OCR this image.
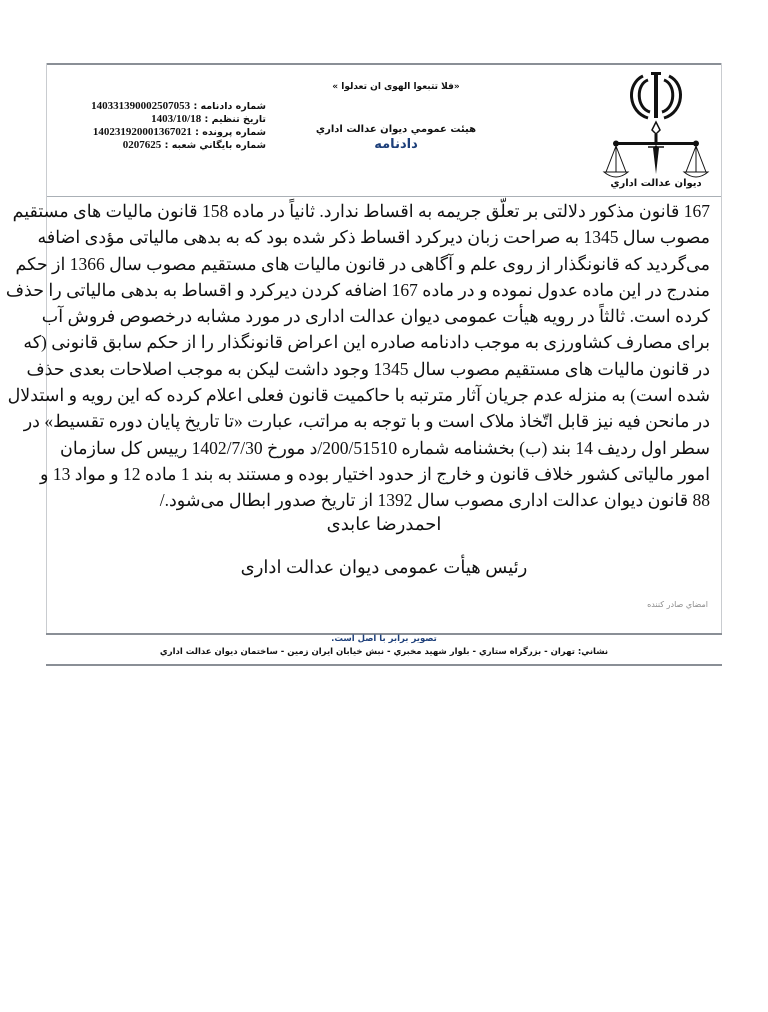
ديوان عدالت اداري
«فلا تتبعوا الهوی ان تعدلوا »
هیئت عمومي ديوان عدالت اداري
دادنامه
شماره دادنامه : 140331390002507053
تاريخ تنظيم : 1403/10/18
شماره پرونده : 140231920001367021
شماره بايگاني شعبه : 0207625
167 قانون مذکور دلالتی بر تعلّق جریمه به اقساط ندارد. ثانیاً در ماده 158 قانون مالیات های مستقیم
مصوب سال 1345 به صراحت زبان دیرکرد اقساط ذکر شده بود که به بدهی مالیاتی مؤدی اضافه
می‌گردید که قانونگذار از روی علم و آگاهی در قانون مالیات های مستقیم مصوب سال 1366 از حکم
مندرج در این ماده عدول نموده و در ماده 167 اضافه کردن دیرکرد و اقساط به بدهی مالیاتی را حذف
کرده است. ثالثاً در رویه هیأت عمومی دیوان عدالت اداری در مورد مشابه درخصوص فروش آب
برای مصارف کشاورزی به موجب دادنامه صادره این اعراض قانونگذار را از حکم سابق قانونی (که
در قانون مالیات های مستقیم مصوب سال 1345 وجود داشت لیکن به موجب اصلاحات بعدی حذف
شده است) به منزله عدم جریان آثار مترتبه با حاکمیت قانون فعلی اعلام کرده که این رویه و استدلال
در مانحن فیه نیز قابل اتّخاذ ملاک است و با توجه به مراتب، عبارت «تا تاریخ پایان دوره تقسیط» در
سطر اول ردیف 14 بند (ب) بخشنامه شماره 200/51510/د مورخ 1402/7/30 رییس کل سازمان
امور مالیاتی کشور خلاف قانون و خارج از حدود اختیار بوده و مستند به بند 1 ماده 12 و مواد 13 و
88 قانون دیوان عدالت اداری مصوب سال 1392 از تاریخ صدور ابطال می‌شود./
احمدرضا عابدی
رئیس هیأت عمومی دیوان عدالت اداری
امضاي صادر كننده
تصوير برابر با اصل است.
نشاني: تهران - بزرگراه ستاري - بلوار شهيد مخبري - نبش خيابان ايران زمين - ساختمان ديوان عدالت اداري
